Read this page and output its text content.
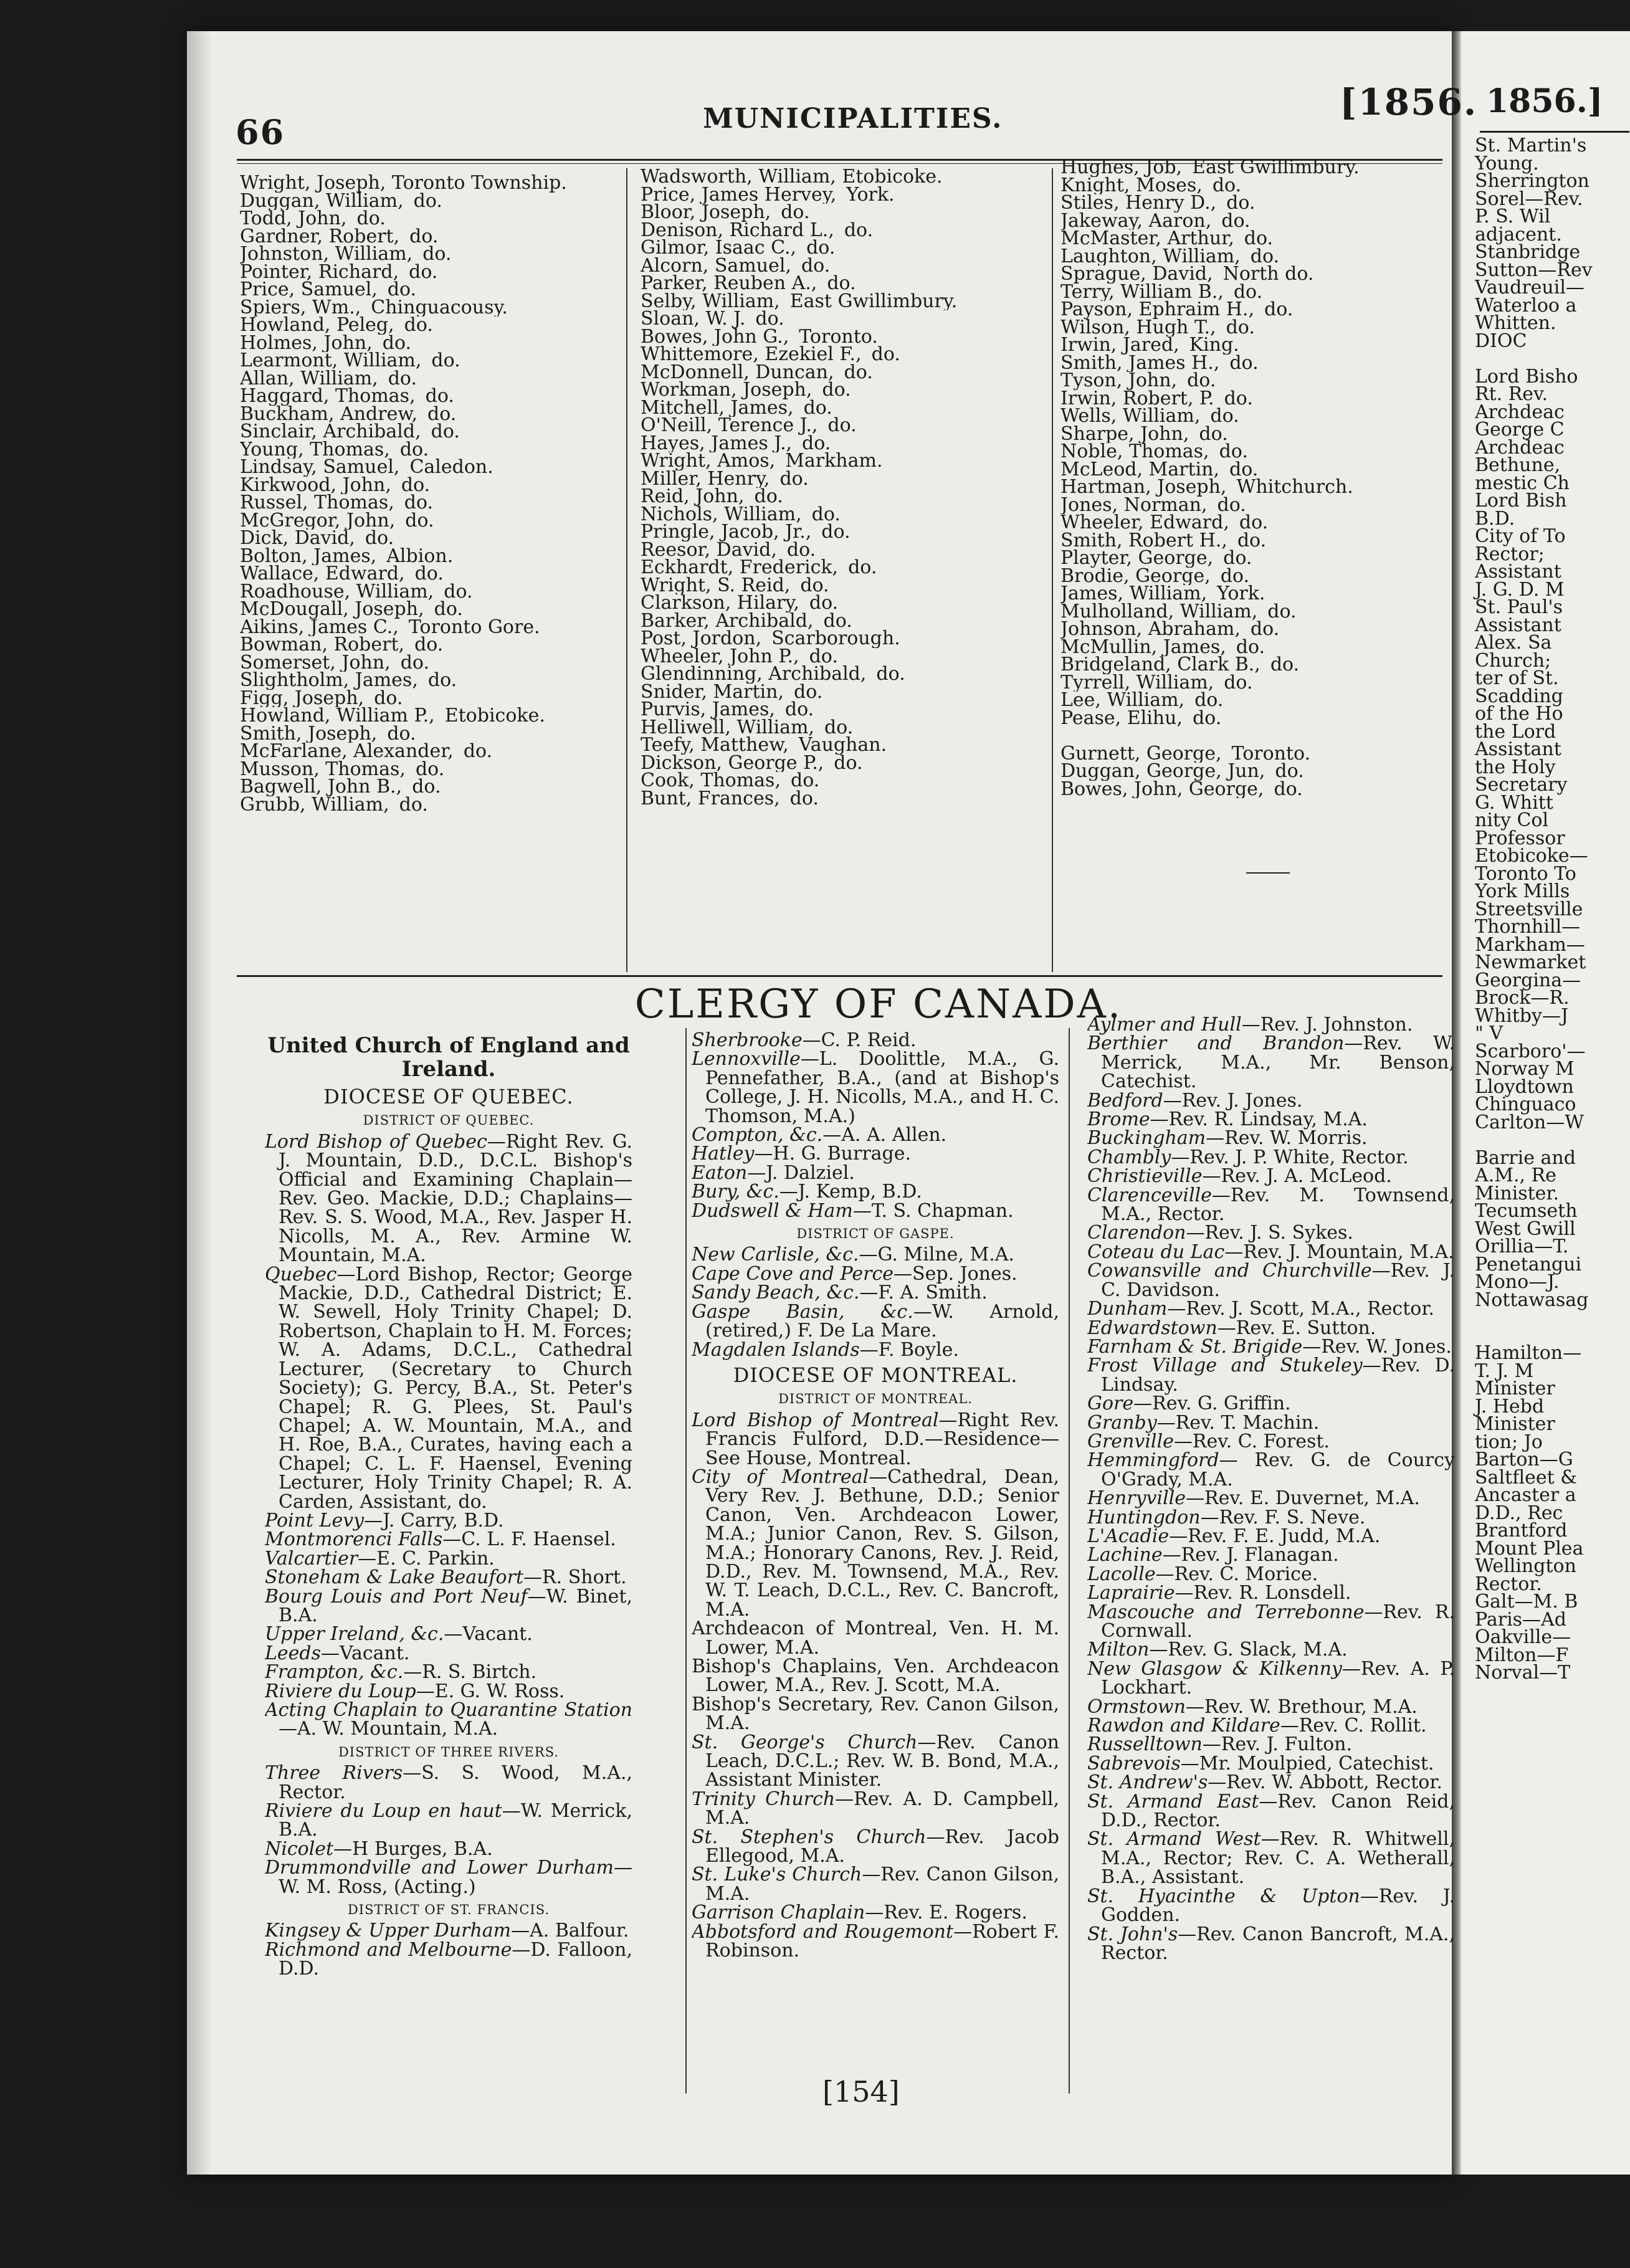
1856.]
St. Martin's
Young.
Sherrington
Sorel—Rev.
P. S. Wil
adjacent.
Stanbridge
Sutton—Rev
Vaudreuil—
Waterloo a
Whitten.
DIOC

Lord Bisho
Rt. Rev.
Archdeac
George C
Archdeac
Bethune,
mestic Ch
Lord Bish
B.D.
City of To
Rector;
Assistant
J. G. D. M
St. Paul's
Assistant
Alex. Sa
Church;
ter of St.
Scadding
of the Ho
the Lord
Assistant
the Holy
Secretary
G. Whitt
nity Col
Professor
Etobicoke—
Toronto To
York Mills
Streetsville
Thornhill—
Markham—
Newmarket
Georgina—
Brock—R.
Whitby—J
" V
Scarboro'—
Norway M
Lloydtown
Chinguaco
Carlton—W

Barrie and
A.M., Re
Minister.
Tecumseth
West Gwill
Orillia—T.
Penetangui
Mono—J.
Nottawasag

Hamilton—
T. J. M
Minister
J. Hebd
Minister
tion; Jo
Barton—G
Saltfleet &
Ancaster a
D.D., Rec
Brantford
Mount Plea
Wellington
Rector.
Galt—M. B
Paris—Ad
Oakville—
Milton—F
Norval—T
66	MUNICIPALITIES.	[1856.
Wright, Joseph, Toronto Township.
Duggan, William, do.
Todd, John, do.
Gardner, Robert, do.
Johnston, William, do.
Pointer, Richard, do.
Price, Samuel, do.
Spiers, Wm., Chinguacousy.
Howland, Peleg, do.
Holmes, John, do.
Learmont, William, do.
Allan, William, do.
Haggard, Thomas, do.
Buckham, Andrew, do.
Sinclair, Archibald, do.
Young, Thomas, do.
Lindsay, Samuel, Caledon.
Kirkwood, John, do.
Russel, Thomas, do.
McGregor, John, do.
Dick, David, do.
Bolton, James, Albion.
Wallace, Edward, do.
Roadhouse, William, do.
McDougall, Joseph, do.
Aikins, James C., Toronto Gore.
Bowman, Robert, do.
Somerset, John, do.
Slightholm, James, do.
Figg, Joseph, do.
Howland, William P., Etobicoke.
Smith, Joseph, do.
McFarlane, Alexander, do.
Musson, Thomas, do.
Bagwell, John B., do.
Grubb, William, do.
Wadsworth, William, Etobicoke.
Price, James Hervey, York.
Bloor, Joseph, do.
Denison, Richard L., do.
Gilmor, Isaac C., do.
Alcorn, Samuel, do.
Parker, Reuben A., do.
Selby, William, East Gwillimbury.
Sloan, W. J. do.
Bowes, John G., Toronto.
Whittemore, Ezekiel F., do.
McDonnell, Duncan, do.
Workman, Joseph, do.
Mitchell, James, do.
O'Neill, Terence J., do.
Hayes, James J., do.
Wright, Amos, Markham.
Miller, Henry, do.
Reid, John, do.
Nichols, William, do.
Pringle, Jacob, Jr., do.
Reesor, David, do.
Eckhardt, Frederick, do.
Wright, S. Reid, do.
Clarkson, Hilary, do.
Barker, Archibald, do.
Post, Jordon, Scarborough.
Wheeler, John P., do.
Glendinning, Archibald, do.
Snider, Martin, do.
Purvis, James, do.
Helliwell, William, do.
Teefy, Matthew, Vaughan.
Dickson, George P., do.
Cook, Thomas, do.
Bunt, Frances, do.
Hughes, Job, East Gwillimbury.
Knight, Moses, do.
Stiles, Henry D., do.
Jakeway, Aaron, do.
McMaster, Arthur, do.
Laughton, William, do.
Sprague, David, North do.
Terry, William B., do.
Payson, Ephraim H., do.
Wilson, Hugh T., do.
Irwin, Jared, King.
Smith, James H., do.
Tyson, John, do.
Irwin, Robert, P. do.
Wells, William, do.
Sharpe, John, do.
Noble, Thomas, do.
McLeod, Martin, do.
Hartman, Joseph, Whitchurch.
Jones, Norman, do.
Wheeler, Edward, do.
Smith, Robert H., do.
Playter, George, do.
Brodie, George, do.
James, William, York.
Mulholland, William, do.
Johnson, Abraham, do.
McMullin, James, do.
Bridgeland, Clark B., do.
Tyrrell, William, do.
Lee, William, do.
Pease, Elihu, do.
Gurnett, George, Toronto.
Duggan, George, Jun, do.
Bowes, John, George, do.
CLERGY OF CANADA.
United Church of England and Ireland.
DIOCESE OF QUEBEC.
DISTRICT OF QUEBEC.
Lord Bishop of Quebec—Right Rev. G. J. Mountain, D.D., D.C.L. Bishop's Official and Examining Chaplain—Rev. Geo. Mackie, D.D.; Chaplains—Rev. S. S. Wood, M.A., Rev. Jasper H. Nicolls, M. A., Rev. Armine W. Mountain, M.A.
Quebec—Lord Bishop, Rector; George Mackie, D.D., Cathedral District; E. W. Sewell, Holy Trinity Chapel; D. Robertson, Chaplain to H. M. Forces; W. A. Adams, D.C.L., Cathedral Lecturer, (Secretary to Church Society); G. Percy, B.A., St. Peter's Chapel; R. G. Plees, St. Paul's Chapel; A. W. Mountain, M.A., and H. Roe, B.A., Curates, having each a Chapel; C. L. F. Haensel, Evening Lecturer, Holy Trinity Chapel; R. A. Carden, Assistant, do.
Point Levy—J. Carry, B.D.
Montmorenci Falls—C. L. F. Haensel.
Valcartier—E. C. Parkin.
Stoneham & Lake Beaufort—R. Short.
Bourg Louis and Port Neuf—W. Binet, B.A.
Upper Ireland, &c.—Vacant.
Leeds—Vacant.
Frampton, &c.—R. S. Birtch.
Riviere du Loup—E. G. W. Ross.
Acting Chaplain to Quarantine Station—A. W. Mountain, M.A.
DISTRICT OF THREE RIVERS.
Three Rivers—S. S. Wood, M.A., Rector.
Riviere du Loup en haut—W. Merrick, B.A.
Nicolet—H Burges, B.A.
Drummondville and Lower Durham—W. M. Ross, (Acting.)
DISTRICT OF ST. FRANCIS.
Kingsey & Upper Durham—A. Balfour.
Richmond and Melbourne—D. Falloon, D.D.
Sherbrooke—C. P. Reid.
Lennoxville—L. Doolittle, M.A., G. Pennefather, B.A., (and at Bishop's College, J. H. Nicolls, M.A., and H. C. Thomson, M.A.)
Compton, &c.—A. A. Allen.
Hatley—H. G. Burrage.
Eaton—J. Dalziel.
Bury, &c.—J. Kemp, B.D.
Dudswell & Ham—T. S. Chapman.
DISTRICT OF GASPE.
New Carlisle, &c.—G. Milne, M.A.
Cape Cove and Perce—Sep. Jones.
Sandy Beach, &c.—F. A. Smith.
Gaspe Basin, &c.—W. Arnold, (retired,) F. De La Mare.
Magdalen Islands—F. Boyle.
DIOCESE OF MONTREAL.
DISTRICT OF MONTREAL.
Lord Bishop of Montreal—Right Rev. Francis Fulford, D.D.—Residence—See House, Montreal.
City of Montreal—Cathedral, Dean, Very Rev. J. Bethune, D.D.; Senior Canon, Ven. Archdeacon Lower, M.A.; Junior Canon, Rev. S. Gilson, M.A.; Honorary Canons, Rev. J. Reid, D.D., Rev. M. Townsend, M.A., Rev. W. T. Leach, D.C.L., Rev. C. Bancroft, M.A.
Archdeacon of Montreal, Ven. H. M. Lower, M.A.
Bishop's Chaplains, Ven. Archdeacon Lower, M.A., Rev. J. Scott, M.A.
Bishop's Secretary, Rev. Canon Gilson, M.A.
St. George's Church—Rev. Canon Leach, D.C.L.; Rev. W. B. Bond, M.A., Assistant Minister.
Trinity Church—Rev. A. D. Campbell, M.A.
St. Stephen's Church—Rev. Jacob Ellegood, M.A.
St. Luke's Church—Rev. Canon Gilson, M.A.
Garrison Chaplain—Rev. E. Rogers.
Abbotsford and Rougemont—Robert F. Robinson.
Aylmer and Hull—Rev. J. Johnston.
Berthier and Brandon—Rev. W. Merrick, M.A., Mr. Benson, Catechist.
Bedford—Rev. J. Jones.
Brome—Rev. R. Lindsay, M.A.
Buckingham—Rev. W. Morris.
Chambly—Rev. J. P. White, Rector.
Christieville—Rev. J. A. McLeod.
Clarenceville—Rev. M. Townsend, M.A., Rector.
Clarendon—Rev. J. S. Sykes.
Coteau du Lac—Rev. J. Mountain, M.A.
Cowansville and Churchville—Rev. J. C. Davidson.
Dunham—Rev. J. Scott, M.A., Rector.
Edwardstown—Rev. E. Sutton.
Farnham & St. Brigide—Rev. W. Jones.
Frost Village and Stukeley—Rev. D. Lindsay.
Gore—Rev. G. Griffin.
Granby—Rev. T. Machin.
Grenville—Rev. C. Forest.
Hemmingford— Rev. G. de Courcy O'Grady, M.A.
Henryville—Rev. E. Duvernet, M.A.
Huntingdon—Rev. F. S. Neve.
L'Acadie—Rev. F. E. Judd, M.A.
Lachine—Rev. J. Flanagan.
Lacolle—Rev. C. Morice.
Laprairie—Rev. R. Lonsdell.
Mascouche and Terrebonne—Rev. R. Cornwall.
Milton—Rev. G. Slack, M.A.
New Glasgow & Kilkenny—Rev. A. P. Lockhart.
Ormstown—Rev. W. Brethour, M.A.
Rawdon and Kildare—Rev. C. Rollit.
Russelltown—Rev. J. Fulton.
Sabrevois—Mr. Moulpied, Catechist.
St. Andrew's—Rev. W. Abbott, Rector.
St. Armand East—Rev. Canon Reid, D.D., Rector.
St. Armand West—Rev. R. Whitwell, M.A., Rector; Rev. C. A. Wetherall, B.A., Assistant.
St. Hyacinthe & Upton—Rev. J. Godden.
St. John's—Rev. Canon Bancroft, M.A., Rector.
[154]
